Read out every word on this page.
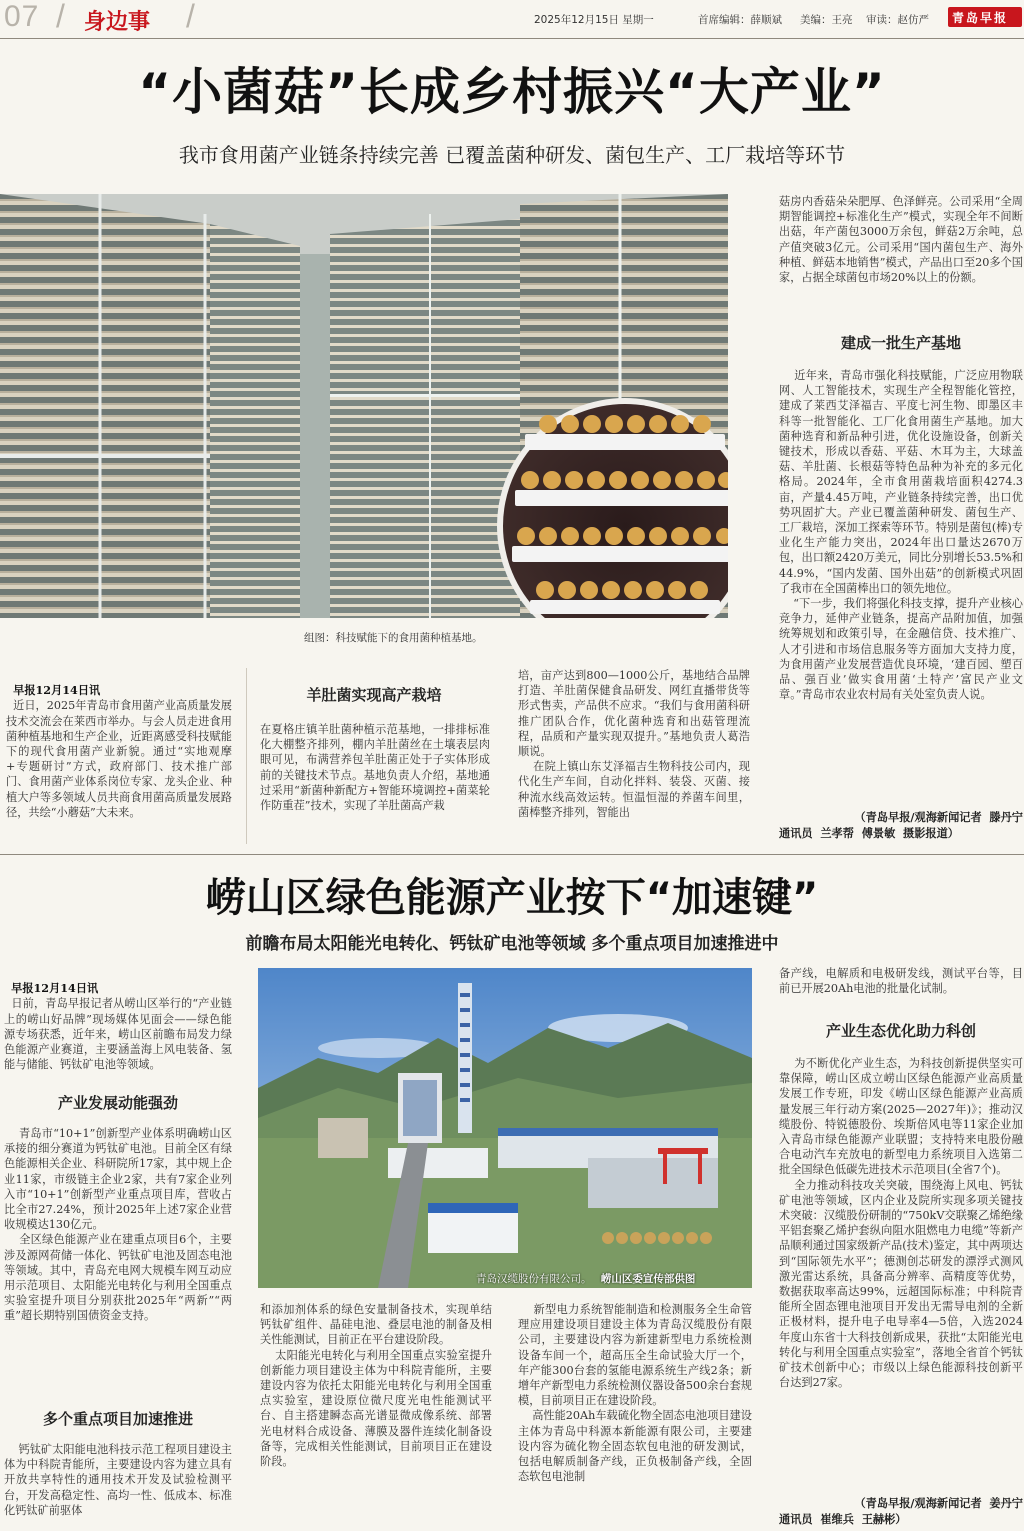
07 / 身边事 /	2025年12月15日 星期一	首席编辑：薛顺斌 美编：王亮 审读：赵仿严 青岛早报
“小菌菇”长成乡村振兴“大产业”
我市食用菌产业链条持续完善 已覆盖菌种研发、菌包生产、工厂栽培等环节
组图：科技赋能下的食用菌种植基地。

早报12月14日讯
近日，2025年青岛市食用菌产业高质量发展技术交流会在莱西市举办。与会人员走进食用菌种植基地和生产企业，近距离感受科技赋能下的现代食用菌产业新貌。通过“实地观摩+专题研讨”方式，政府部门、技术推广部门、食用菌产业体系岗位专家、龙头企业、种植大户等多领域人员共商食用菌高质量发展路径，共绘“小蘑菇”大未来。

羊肚菌实现高产栽培
在夏格庄镇羊肚菌种植示范基地，一排排标准化大棚整齐排列，棚内羊肚菌丝在土壤表层肉眼可见，布满营养包羊肚菌正处于子实体形成前的关键技术节点。基地负责人介绍，基地通过采用“新菌种新配方+智能环境调控+菌菜轮作防重茬”技术，实现了羊肚菌高产栽
培，亩产达到800—1000公斤，基地结合品牌打造、羊肚菌保健食品研发、网红直播带货等形式售卖，产品供不应求。“我们与食用菌科研推广团队合作，优化菌种选育和出菇管理流程，品质和产量实现双提升。”基地负责人葛浩顺说。
在院上镇山东艾泽福吉生物科技公司内，现代化生产车间，自动化拌料、装袋、灭菌、接种流水线高效运转。恒温恒湿的养菌车间里，菌棒整齐排列，智能出
菇房内香菇朵朵肥厚、色泽鲜亮。公司采用“全周期智能调控+标准化生产”模式，实现全年不间断出菇，年产菌包3000万余包，鲜菇2万余吨，总产值突破3亿元。公司采用“国内菌包生产、海外种植、鲜菇本地销售”模式，产品出口至20多个国家，占据全球菌包市场20%以上的份额。
建成一批生产基地
近年来，青岛市强化科技赋能，广泛应用物联网、人工智能技术，实现生产全程智能化管控，建成了莱西艾泽福吉、平度七河生物、即墨区丰科等一批智能化、工厂化食用菌生产基地。加大菌种选育和新品种引进，优化设施设备，创新关键技术，形成以香菇、平菇、木耳为主，大球盖菇、羊肚菌、长根菇等特色品种为补充的多元化格局。2024年，全市食用菌栽培面积4274.3亩，产量4.45万吨，产业链条持续完善，出口优势巩固扩大。产业已覆盖菌种研发、菌包生产、工厂栽培，深加工探索等环节。特别是菌包(棒)专业化生产能力突出，2024年出口量达2670万包，出口额2420万美元，同比分别增长53.5%和44.9%，“国内发菌、国外出菇”的创新模式巩固了我市在全国菌棒出口的领先地位。
“下一步，我们将强化科技支撑，提升产业核心竞争力，延伸产业链条，提高产品附加值，加强统筹规划和政策引导，在金融信贷、技术推广、人才引进和市场信息服务等方面加大支持力度，为食用菌产业发展营造优良环境，‘建百园、塑百品、强百业’做实食用菌‘土特产’富民产业文章。”青岛市农业农村局有关处室负责人说。
（青岛早报/观海新闻记者  滕丹宁
通讯员  兰孝帮  傅景敏  摄影报道）
崂山区绿色能源产业按下“加速键”
前瞻布局太阳能光电转化、钙钛矿电池等领域 多个重点项目加速推进中

早报12月14日讯
日前，青岛早报记者从崂山区举行的“产业链上的崂山好品牌”现场媒体见面会——绿色能源专场获悉，近年来，崂山区前瞻布局发力绿色能源产业赛道，主要涵盖海上风电装备、氢能与储能、钙钛矿电池等领域。

产业发展动能强劲
青岛市“10+1”创新型产业体系明确崂山区承接的细分赛道为钙钛矿电池。目前全区有绿色能源相关企业、科研院所17家，其中规上企业11家，市级链主企业2家，共有7家企业列入市“10+1”创新型产业重点项目库，营收占比全市27.24%，预计2025年上述7家企业营收规模达130亿元。
全区绿色能源产业在建重点项目6个，主要涉及源网荷储一体化、钙钛矿电池及固态电池等领域。其中，青岛充电网大规模车网互动应用示范项目、太阳能光电转化与利用全国重点实验室提升项目分别获批2025年“两新”“两重”超长期特别国债资金支持。
多个重点项目加速推进
钙钛矿太阳能电池科技示范工程项目建设主体为中科院青能所，主要建设内容为建立具有开放共享特性的通用技术开发及试验检测平台，开发高稳定性、高均一性、低成本、标准化钙钛矿前驱体
青岛汉缆股份有限公司。 崂山区委宣传部供图
和添加剂体系的绿色安量制备技术，实现单结钙钛矿组件、晶硅电池、叠层电池的制备及相关性能测试，目前正在平台建设阶段。
太阳能光电转化与利用全国重点实验室提升创新能力项目建设主体为中科院青能所，主要建设内容为依托太阳能光电转化与利用全国重点实验室，建设原位微尺度光电性能测试平台、自主搭建瞬态高光谱显微成像系统、部署光电材料合成设备、薄膜及器件连续化制备设备等，完成相关性能测试，目前项目正在建设阶段。
新型电力系统智能制造和检测服务全生命管理应用建设项目建设主体为青岛汉缆股份有限公司，主要建设内容为新建新型电力系统检测设备车间一个，超高压全生命试验大厅一个，年产能300台套的氢能电源系统生产线2条；新增年产新型电力系统检测仪器设备500余台套规模，目前项目正在建设阶段。
高性能20Ah车载硫化物全固态电池项目建设主体为青岛中科源本新能源有限公司，主要建设内容为硫化物全固态软包电池的研发测试，包括电解质制备产线，正负极制备产线，全固态软包电池制
备产线，电解质和电极研发线，测试平台等，目前已开展20Ah电池的批量化试制。
产业生态优化助力科创
为不断优化产业生态，为科技创新提供坚实可靠保障，崂山区成立崂山区绿色能源产业高质量发展工作专班，印发《崂山区绿色能源产业高质量发展三年行动方案(2025—2027年)》；推动汉缆股份、特锐德股份、埃斯倍风电等11家企业加入青岛市绿色能源产业联盟；支持特来电股份融合电动汽车充放电的新型电力系统项目入选第二批全国绿色低碳先进技术示范项目(全省7个)。
全力推动科技攻关突破，围绕海上风电、钙钛矿电池等领域，区内企业及院所实现多项关键技术突破：汉缆股份研制的“750kV交联聚乙烯绝缘平铝套聚乙烯护套纵向阻水阻燃电力电缆”等新产品顺利通过国家级新产品(技术)鉴定，其中两项达到“国际领先水平”；德测创芯研发的漂浮式测风激光雷达系统，具备高分辨率、高精度等优势，数据获取率高达99%，远超国际标准；中科院青能所全固态锂电池项目开发出无需导电剂的全新正极材料，提升电子电导率4—5倍，入选2024年度山东省十大科技创新成果，获批“太阳能光电转化与利用全国重点实验室”，落地全省首个钙钛矿技术创新中心；市级以上绿色能源科技创新平台达到27家。
（青岛早报/观海新闻记者  姜丹宁
通讯员  崔维兵  王赫彬）
